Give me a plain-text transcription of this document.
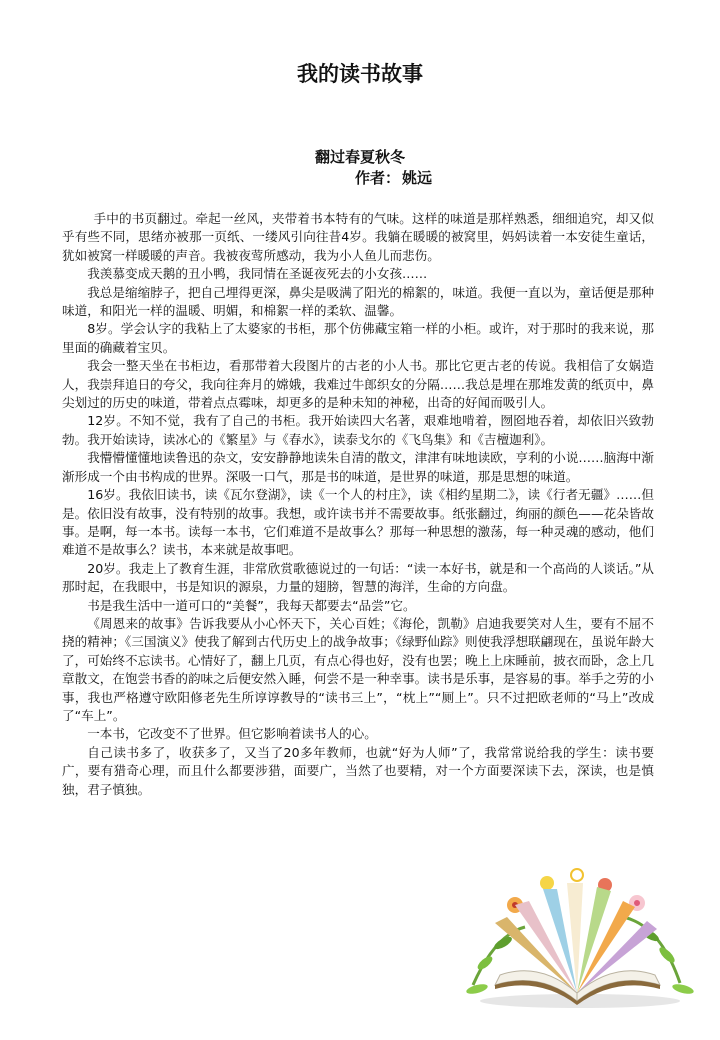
我的读书故事
翻过春夏秋冬
作者： 姚远

手中的书页翻过。牵起一丝风，夹带着书本特有的气味。这样的味道是那样熟悉，细细追究，却又似乎有些不同，思绪亦被那一页纸、一缕风引向往昔4岁。我躺在暖暖的被窝里，妈妈读着一本安徒生童话，犹如被窝一样暖暖的声音。我被夜莺所感动，我为小人鱼儿而悲伤。

我羡慕变成天鹅的丑小鸭，我同情在圣诞夜死去的小女孩……

我总是缩缩脖子，把自己埋得更深，鼻尖是吸满了阳光的棉絮的，味道。我便一直以为，童话便是那种味道，和阳光一样的温暖、明媚，和棉絮一样的柔软、温馨。

8岁。学会认字的我粘上了太婆家的书柜，那个仿佛藏宝箱一样的小柜。或许，对于那时的我来说，那里面的确藏着宝贝。

我会一整天坐在书柜边，看那带着大段图片的古老的小人书。那比它更古老的传说。我相信了女娲造人，我崇拜追日的夸父，我向往奔月的嫦娥，我难过牛郎织女的分隔……我总是埋在那堆发黄的纸页中，鼻尖划过的历史的味道，带着点点霉味，却更多的是种未知的神秘，出奇的好闻而吸引人。

12岁。不知不觉，我有了自己的书柜。我开始读四大名著，艰难地啃着，囫囵地吞着，却依旧兴致勃勃。我开始读诗，读冰心的《繁星》与《春水》，读泰戈尔的《飞鸟集》和《吉檀迦利》。

我懵懵懂懂地读鲁迅的杂文，安安静静地读朱自清的散文，津津有味地读欧，亨利的小说……脑海中渐渐形成一个由书构成的世界。深吸一口气，那是书的味道，是世界的味道，那是思想的味道。

16岁。我依旧读书，读《瓦尔登湖》，读《一个人的村庄》，读《相约星期二》，读《行者无疆》……但是。依旧没有故事，没有特别的故事。我想，或许读书并不需要故事。纸张翻过，绚丽的颜色——花朵皆故事。是啊，每一本书。读每一本书，它们难道不是故事么？那每一种思想的激荡，每一种灵魂的感动，他们难道不是故事么？读书，本来就是故事吧。

20岁。我走上了教育生涯，非常欣赏歌德说过的一句话：“读一本好书，就是和一个高尚的人谈话。”从那时起，在我眼中，书是知识的源泉，力量的翅膀，智慧的海洋，生命的方向盘。

书是我生活中一道可口的“美餐”，我每天都要去“品尝”它。

《周恩来的故事》告诉我要从小心怀天下，关心百姓；《海伦，凯勒》启迪我要笑对人生，要有不屈不挠的精神；《三国演义》使我了解到古代历史上的战争故事；《绿野仙踪》则使我浮想联翩现在，虽说年龄大了，可始终不忘读书。心情好了，翻上几页，有点心得也好，没有也罢；晚上上床睡前，披衣而卧，念上几章散文，在饱尝书香的韵味之后便安然入睡，何尝不是一种幸事。读书是乐事，是容易的事。举手之劳的小事，我也严格遵守欧阳修老先生所谆谆教导的“读书三上”，“枕上”“厕上”。只不过把欧老师的“马上”改成了“车上”。

一本书，它改变不了世界。但它影响着读书人的心。

自己读书多了，收获多了，又当了20多年教师，也就“好为人师”了，我常常说给我的学生：读书要广，要有猎奇心理，而且什么都要涉猎，面要广，当然了也要精，对一个方面要深读下去，深读，也是慎独，君子慎独。
